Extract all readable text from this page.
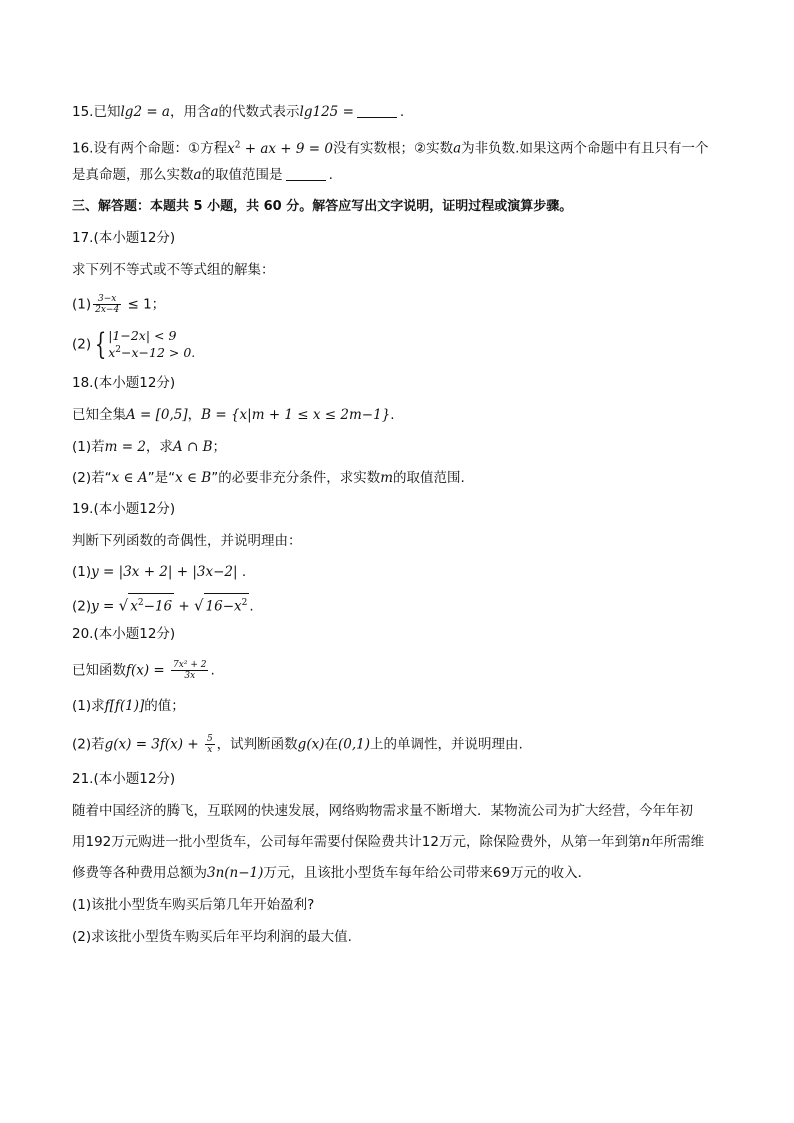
15.已知lg2 = a，用含a的代数式表示lg125 =	.
16.设有两个命题：①方程$x^2$ + ax + 9 = 0没有实数根；②实数a为非负数.如果这两个命题中有且只有一个
是真命题，那么实数a的取值范围是	.
三、解答题：本题共 5 小题，共 60 分。解答应写出文字说明，证明过程或演算步骤。
17.(本小题12分)
求下列不等式或不等式组的解集：
$(1) \frac{3-x}{2x-4} \le 1$；
(2) { |1−2x| < 9
$x^2-x-12 > 0$.
18.(本小题12分)
已知全集A = [0,5]，B = {x|m + 1 ≤ x ≤ 2m−1}.
(1)若m = 2，求A ∩ B；
(2)若“x ∈ A”是“x ∈ B”的必要非充分条件，求实数m的取值范围.
19.(本小题12分)
判断下列函数的奇偶性，并说明理由：
(1)y = |3x + 2| + |3x−2| .
(2)y = √ $x^2-16$ + √ $16-x^2$ .
20.(本小题12分)
已知函数$f(x) = \frac{\text{7x² + 2}}{3x}$ .
(1)求f[f(1)]的值；
(2)若$g(x) = 3f(x) + \frac{5}{x}$ ，试判断函数g(x)在(0,1)上的单调性，并说明理由.
21.(本小题12分)
随着中国经济的腾飞，互联网的快速发展，网络购物需求量不断增大．某物流公司为扩大经营，今年年初
用192万元购进一批小型货车，公司每年需要付保险费共计12万元，除保险费外，从第一年到第n年所需维
修费等各种费用总额为3n(n−1)万元，且该批小型货车每年给公司带来69万元的收入．
(1)该批小型货车购买后第几年开始盈利?
(2)求该批小型货车购买后年平均利润的最大值.
